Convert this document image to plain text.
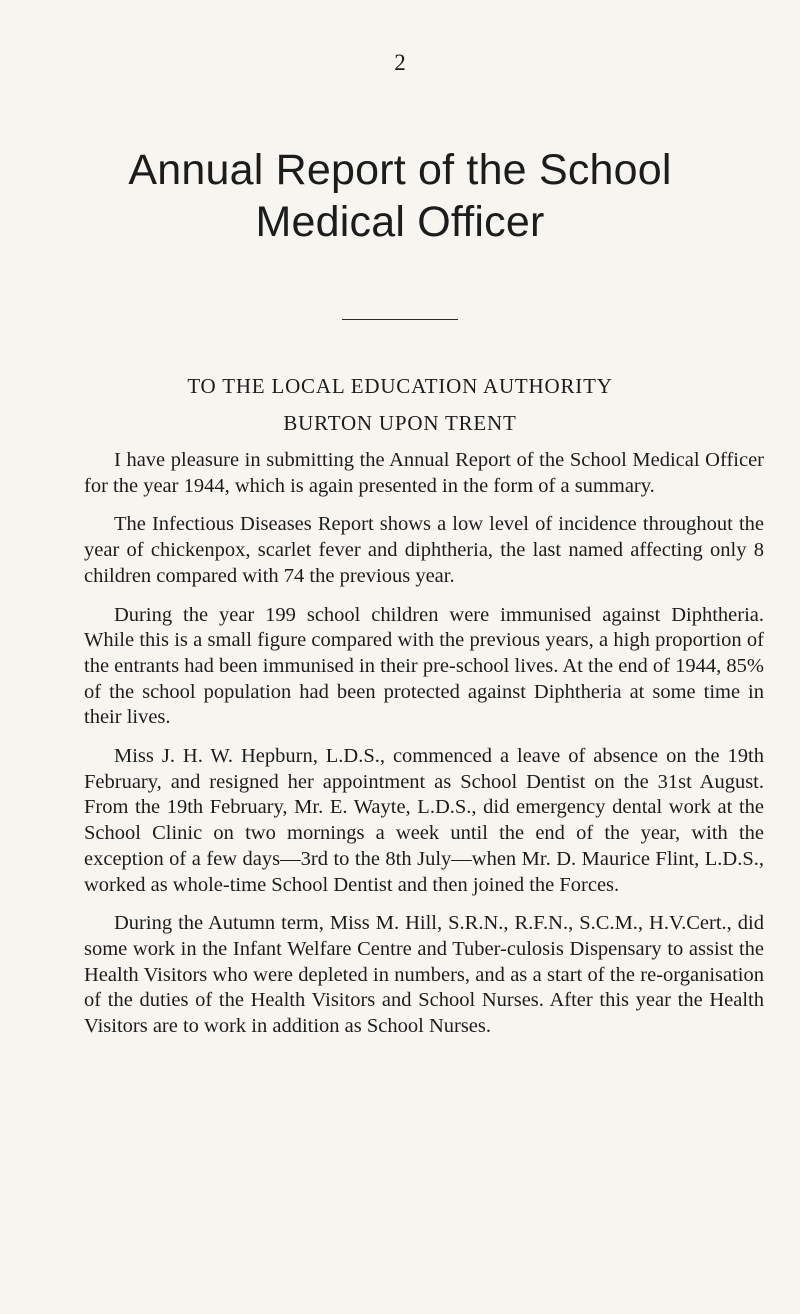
2
Annual Report of the School
Medical Officer
TO THE LOCAL EDUCATION AUTHORITY
BURTON UPON TRENT

I have pleasure in submitting the Annual Report of the School Medical Officer for the year 1944, which is again presented in the form of a summary.

The Infectious Diseases Report shows a low level of incidence throughout the year of chickenpox, scarlet fever and diphtheria, the last named affecting only 8 children compared with 74 the previous year.

During the year 199 school children were immunised against Diphtheria. While this is a small figure compared with the previous years, a high proportion of the entrants had been immunised in their pre-school lives. At the end of 1944, 85% of the school population had been protected against Diphtheria at some time in their lives.

Miss J. H. W. Hepburn, L.D.S., commenced a leave of absence on the 19th February, and resigned her appointment as School Dentist on the 31st August. From the 19th February, Mr. E. Wayte, L.D.S., did emergency dental work at the School Clinic on two mornings a week until the end of the year, with the exception of a few days—3rd to the 8th July—when Mr. D. Maurice Flint, L.D.S., worked as whole-time School Dentist and then joined the Forces.

During the Autumn term, Miss M. Hill, S.R.N., R.F.N., S.C.M., H.V.Cert., did some work in the Infant Welfare Centre and Tuber-culosis Dispensary to assist the Health Visitors who were depleted in numbers, and as a start of the re-organisation of the duties of the Health Visitors and School Nurses. After this year the Health Visitors are to work in addition as School Nurses.
